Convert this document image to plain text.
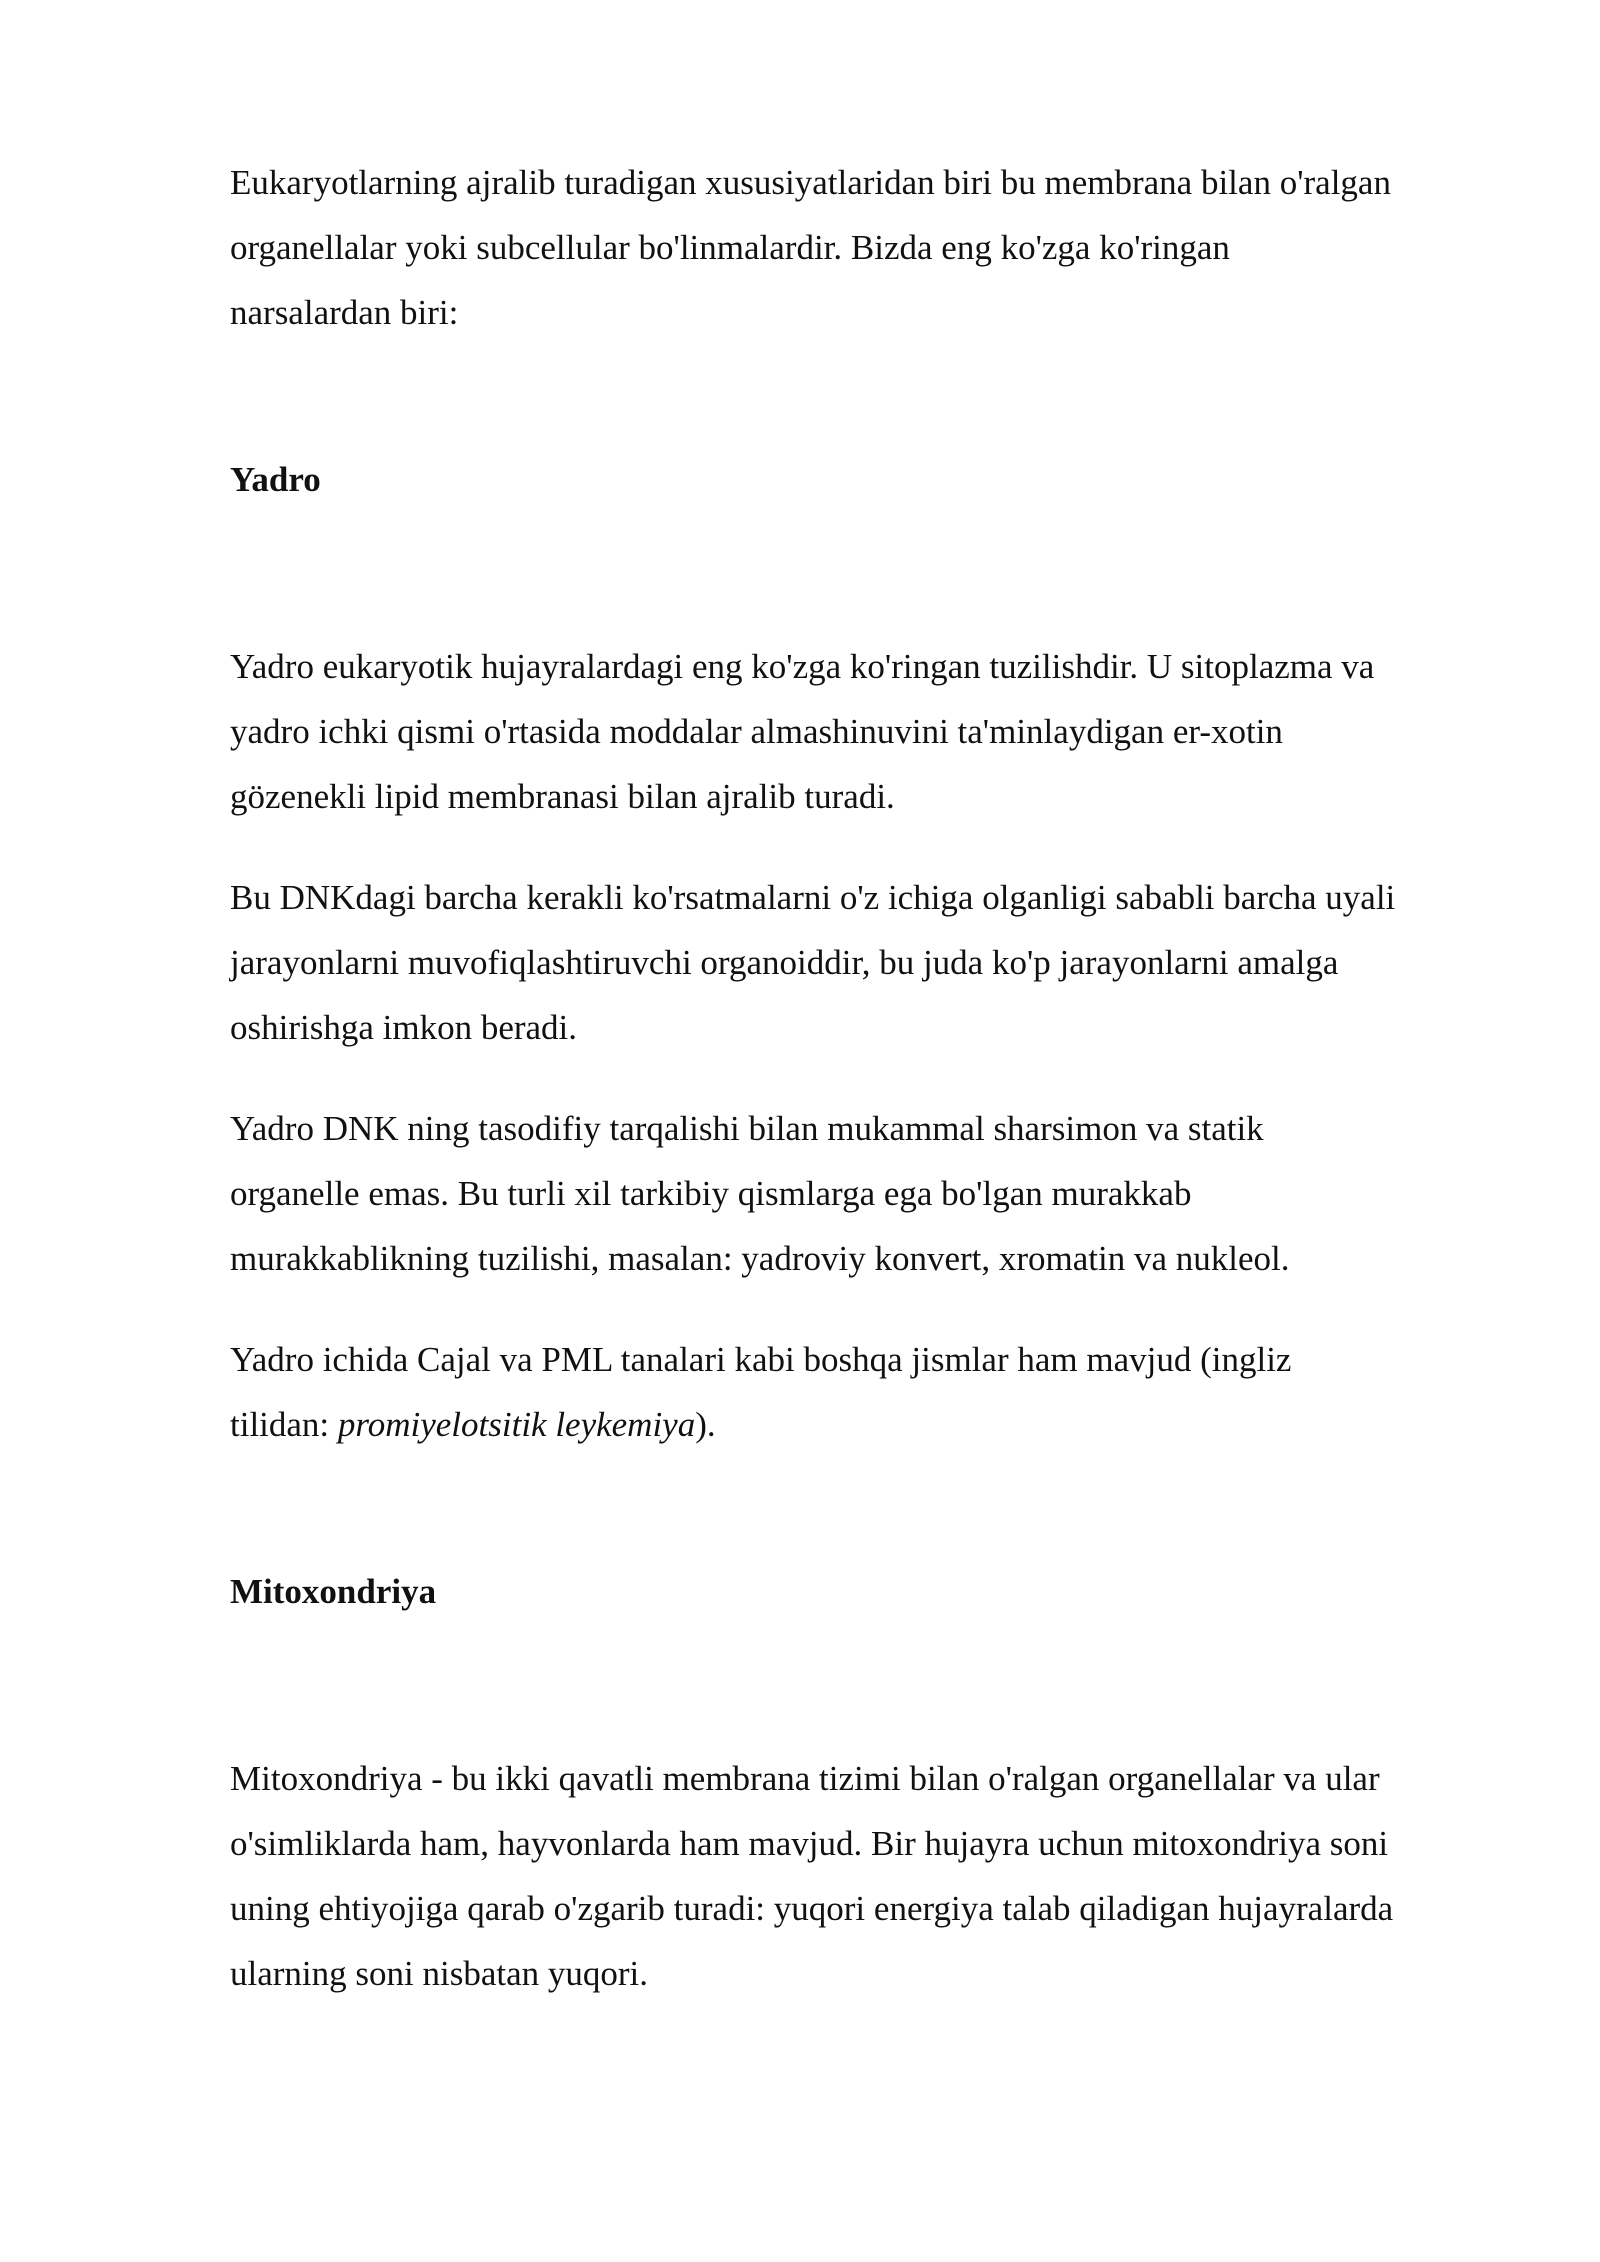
Eukaryotlarning ajralib turadigan xususiyatlaridan biri bu membrana bilan o'ralgan
organellalar yoki subcellular bo'linmalardir. Bizda eng ko'zga ko'ringan
narsalardan biri:

Yadro

Yadro eukaryotik hujayralardagi eng ko'zga ko'ringan tuzilishdir. U sitoplazma va
yadro ichki qismi o'rtasida moddalar almashinuvini ta'minlaydigan er-xotin
gözenekli lipid membranasi bilan ajralib turadi.

Bu DNKdagi barcha kerakli ko'rsatmalarni o'z ichiga olganligi sababli barcha uyali
jarayonlarni muvofiqlashtiruvchi organoiddir, bu juda ko'p jarayonlarni amalga
oshirishga imkon beradi.

Yadro DNK ning tasodifiy tarqalishi bilan mukammal sharsimon va statik
organelle emas. Bu turli xil tarkibiy qismlarga ega bo'lgan murakkab
murakkablikning tuzilishi, masalan: yadroviy konvert, xromatin va nukleol.

Yadro ichida Cajal va PML tanalari kabi boshqa jismlar ham mavjud (ingliz
tilidan: promiyelotsitik leykemiya).

Mitoxondriya

Mitoxondriya - bu ikki qavatli membrana tizimi bilan o'ralgan organellalar va ular
o'simliklarda ham, hayvonlarda ham mavjud. Bir hujayra uchun mitoxondriya soni
uning ehtiyojiga qarab o'zgarib turadi: yuqori energiya talab qiladigan hujayralarda
ularning soni nisbatan yuqori.
